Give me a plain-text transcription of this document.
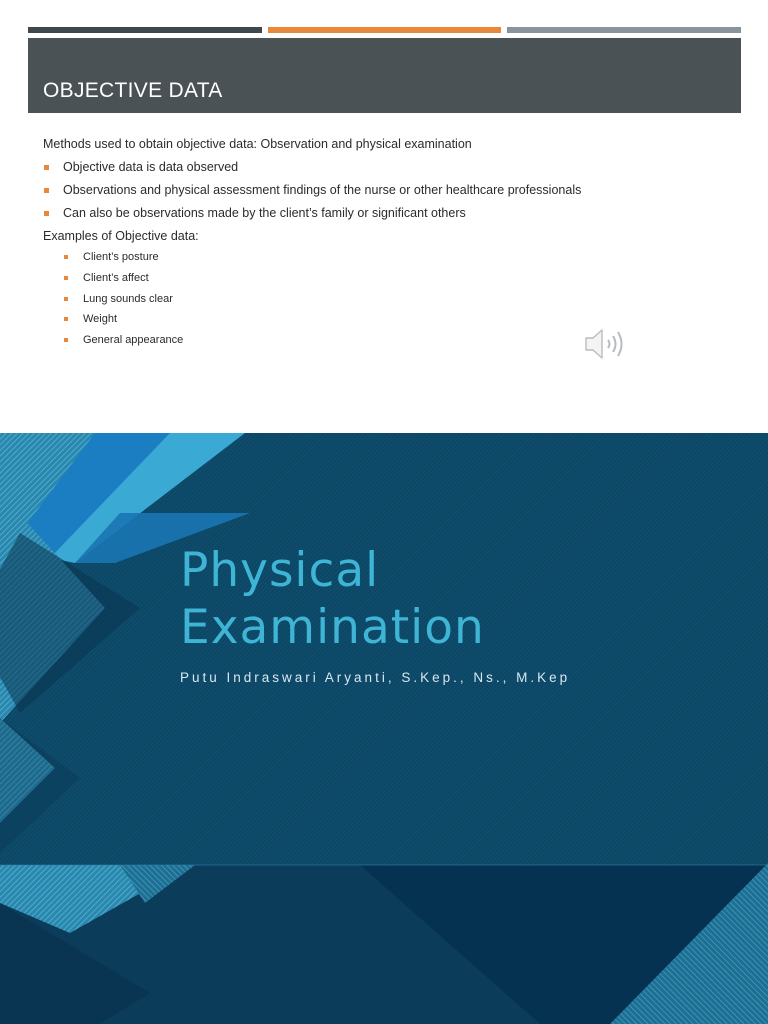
OBJECTIVE DATA
Methods used to obtain objective data: Observation and physical examination
Objective data is data observed
Observations and physical assessment findings of the nurse or other healthcare professionals
Can also be observations made by the client’s family or significant others
Examples of Objective data:
Client’s posture
Client’s affect
Lung sounds clear
Weight
General appearance
Physical
Examination
Putu Indraswari Aryanti, S.Kep., Ns., M.Kep
